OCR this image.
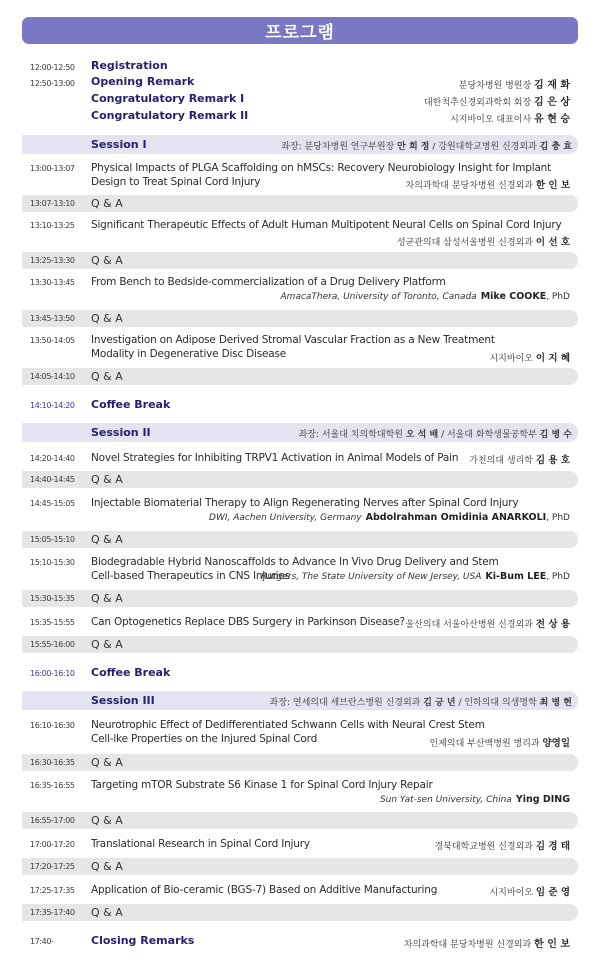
프로그램
12:00-12:50 Registration
12:50-13:00 Opening Remark	분당차병원 병원장 김 재 화
Congratulatory Remark I	대한척추신경외과학회 회장 김 은 상
Congratulatory Remark II	시지바이오 대표이사 유 현 승
Session I	좌장: 분당차병원 연구부원장 안 희 정 / 강원대학교병원 신경외과 김 충 효
13:00-13:07 Physical Impacts of PLGA Scaffolding on hMSCs: Recovery Neurobiology Insight for Implant
Design to Treat Spinal Cord Injury	차의과학대 분당차병원 신경외과 한 인 보
13:07-13:10 Q & A
13:10-13:25 Significant Therapeutic Effects of Adult Human Multipotent Neural Cells on Spinal Cord Injury
성균관의대 삼성서울병원 신경외과 이 선 호
13:25-13:30 Q & A
13:30-13:45 From Bench to Bedside-commercialization of a Drug Delivery Platform
AmacaThera, University of Toronto, Canada Mike COOKE, PhD
13:45-13:50 Q & A
13:50-14:05 Investigation on Adipose Derived Stromal Vascular Fraction as a New Treatment
Modality in Degenerative Disc Disease	시지바이오 이 지 혜
14:05-14:10 Q & A
14:10-14:20 Coffee Break
Session II	좌장: 서울대 치의학대학원 오 석 배 / 서울대 화학생물공학부 김 병 수
14:20-14:40 Novel Strategies for Inhibiting TRPV1 Activation in Animal Models of Pain 가천의대 생리학 김 용 호
14:40-14:45 Q & A
14:45-15:05 Injectable Biomaterial Therapy to Align Regenerating Nerves after Spinal Cord Injury
DWI, Aachen University, Germany Abdolrahman Omidinia ANARKOLI, PhD
15:05-15:10 Q & A
15:10-15:30 Biodegradable Hybrid Nanoscaffolds to Advance In Vivo Drug Delivery and Stem
Cell-based Therapeutics in CNS Injuries
Rutgers, The State University of New Jersey, USA Ki-Bum LEE, PhD
15:30-15:35 Q & A
15:35-15:55 Can Optogenetics Replace DBS Surgery in Parkinson Disease? 울산의대 서울아산병원 신경외과 전 상 용
15:55-16:00 Q & A
16:00-16:10 Coffee Break
Session III	좌장: 연세의대 세브란스병원 신경외과 김 긍 년 / 인하의대 의생명학 최 병 현
16:10-16:30 Neurotrophic Effect of Dedifferentiated Schwann Cells with Neural Crest Stem
Cell-lke Properties on the Injured Spinal Cord	인제의대 부산백병원 병리과 양영일
16:30-16:35 Q & A
16:35-16:55 Targeting mTOR Substrate S6 Kinase 1 for Spinal Cord Injury Repair
Sun Yat-sen University, China Ying DING
16:55-17:00 Q & A
17:00-17:20 Translational Research in Spinal Cord Injury	경북대학교병원 신경외과 김 경 태
17:20-17:25 Q & A
17:25-17:35 Application of Bio-ceramic (BGS-7) Based on Additive Manufacturing	시지바이오 임 준 영
17:35-17:40 Q & A
17:40-	Closing Remarks	차의과학대 분당차병원 신경외과 한 인 보
